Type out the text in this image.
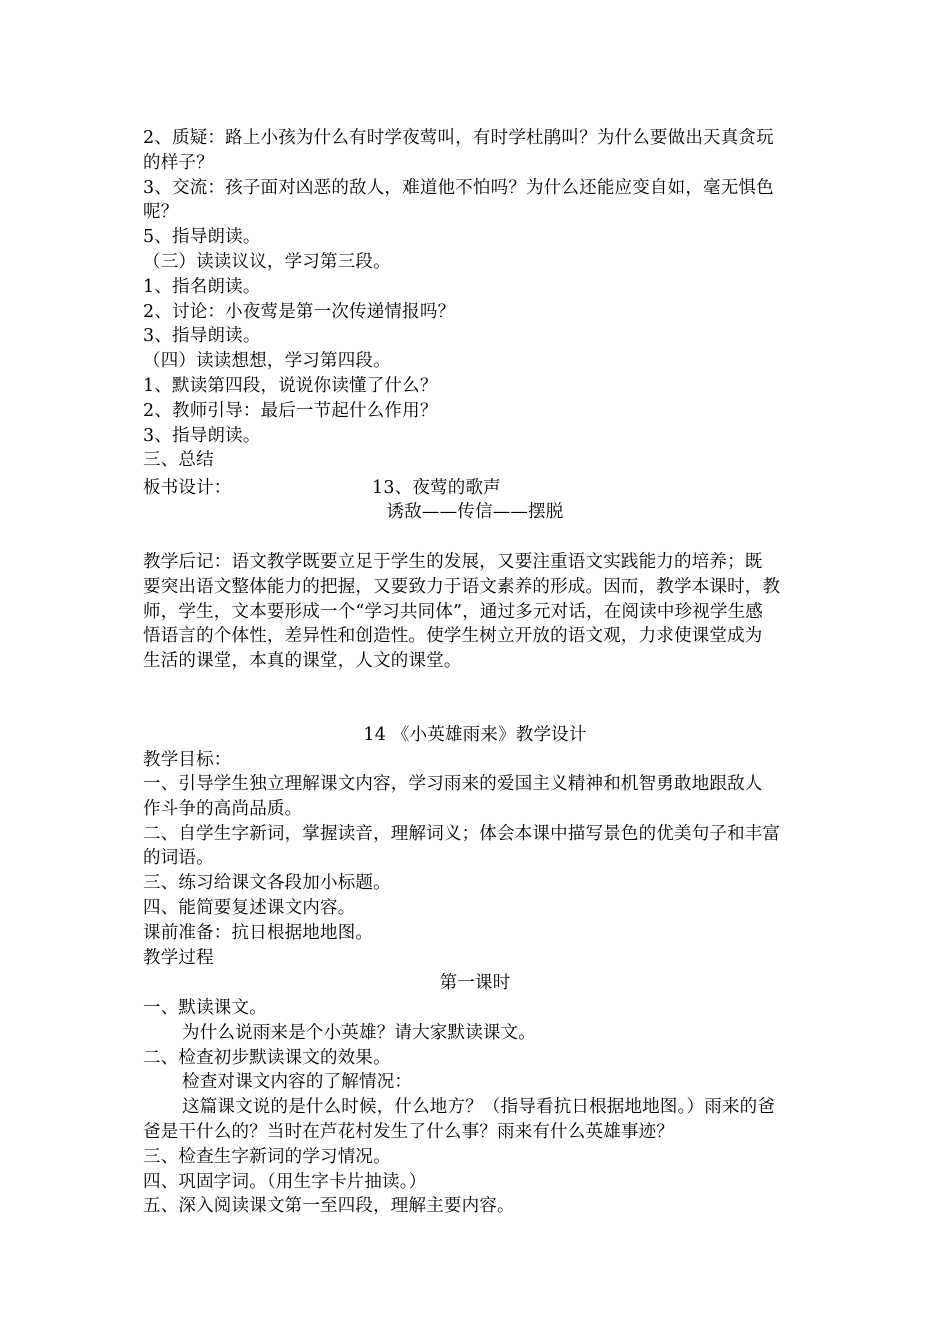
2、质疑：路上小孩为什么有时学夜莺叫，有时学杜鹃叫？为什么要做出天真贪玩
的样子？
3、交流：孩子面对凶恶的敌人，难道他不怕吗？为什么还能应变自如，毫无惧色
呢？
5、指导朗读。
（三）读读议议，学习第三段。
1、指名朗读。
2、讨论：小夜莺是第一次传递情报吗？
3、指导朗读。
（四）读读想想，学习第四段。
1、默读第四段，说说你读懂了什么？
2、教师引导：最后一节起什么作用？
3、指导朗读。
三、总结
板书设计：	13、夜莺的歌声
诱敌——传信——摆脱
教学后记：语文教学既要立足于学生的发展，又要注重语文实践能力的培养；既
要突出语文整体能力的把握，又要致力于语文素养的形成。因而，教学本课时，教
师，学生，文本要形成一个“学习共同体”，通过多元对话，在阅读中珍视学生感
悟语言的个体性，差异性和创造性。使学生树立开放的语文观，力求使课堂成为
生活的课堂，本真的课堂，人文的课堂。
14 《小英雄雨来》教学设计
教学目标：
一、引导学生独立理解课文内容，学习雨来的爱国主义精神和机智勇敢地跟敌人
作斗争的高尚品质。
二、自学生字新词，掌握读音，理解词义；体会本课中描写景色的优美句子和丰富
的词语。
三、练习给课文各段加小标题。
四、能简要复述课文内容。
课前准备：抗日根据地地图。
教学过程
第一课时
一、默读课文。
为什么说雨来是个小英雄？请大家默读课文。
二、检查初步默读课文的效果。
检查对课文内容的了解情况：
这篇课文说的是什么时候，什么地方？（指导看抗日根据地地图。）雨来的爸
爸是干什么的？当时在芦花村发生了什么事？雨来有什么英雄事迹？
三、检查生字新词的学习情况。
四、巩固字词。（用生字卡片抽读。）
五、深入阅读课文第一至四段，理解主要内容。
